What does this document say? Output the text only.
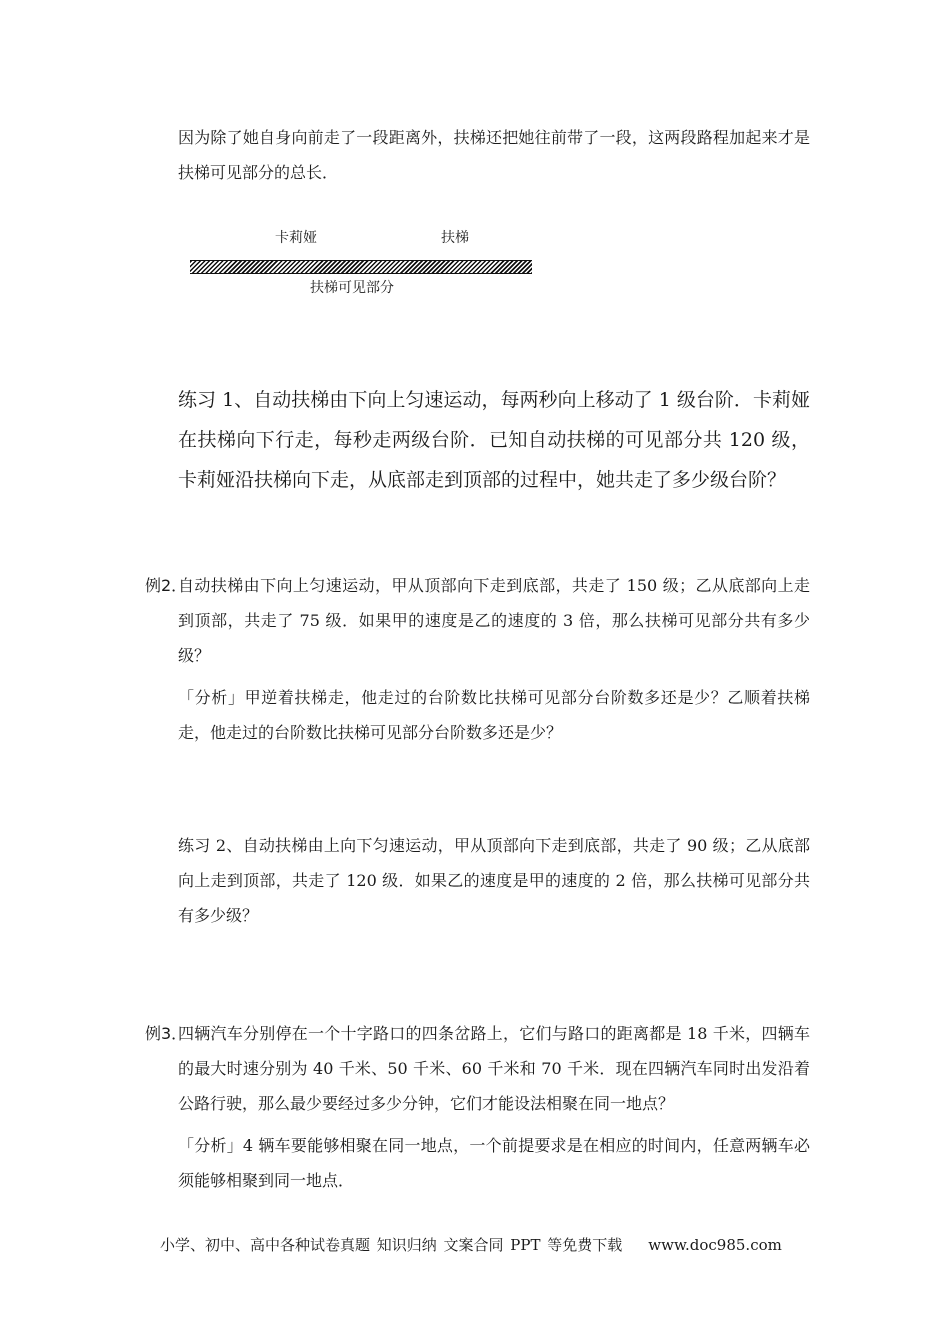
因为除了她自身向前走了一段距离外，扶梯还把她往前带了一段，这两段路程加起来才是扶梯可见部分的总长．

卡莉娅	扶梯
扶梯可见部分

练习 1、自动扶梯由下向上匀速运动，每两秒向上移动了 1 级台阶．卡莉娅在扶梯向下行走，每秒走两级台阶．已知自动扶梯的可见部分共 120 级，卡莉娅沿扶梯向下走，从底部走到顶部的过程中，她共走了多少级台阶？

例2．

自动扶梯由下向上匀速运动，甲从顶部向下走到底部，共走了 150 级；乙从底部向上走到顶部，共走了 75 级．如果甲的速度是乙的速度的 3 倍，那么扶梯可见部分共有多少级？

「分析」甲逆着扶梯走，他走过的台阶数比扶梯可见部分台阶数多还是少？乙顺着扶梯走，他走过的台阶数比扶梯可见部分台阶数多还是少？

练习 2、自动扶梯由上向下匀速运动，甲从顶部向下走到底部，共走了 90 级；乙从底部向上走到顶部，共走了 120 级．如果乙的速度是甲的速度的 2 倍，那么扶梯可见部分共有多少级？

例3．

四辆汽车分别停在一个十字路口的四条岔路上，它们与路口的距离都是 18 千米，四辆车的最大时速分别为 40 千米、50 千米、60 千米和 70 千米．现在四辆汽车同时出发沿着公路行驶，那么最少要经过多少分钟，它们才能设法相聚在同一地点？

「分析」4 辆车要能够相聚在同一地点，一个前提要求是在相应的时间内，任意两辆车必须能够相聚到同一地点．

小学、初中、高中各种试卷真题 知识归纳 文案合同 PPT 等免费下载 www.doc985.com
